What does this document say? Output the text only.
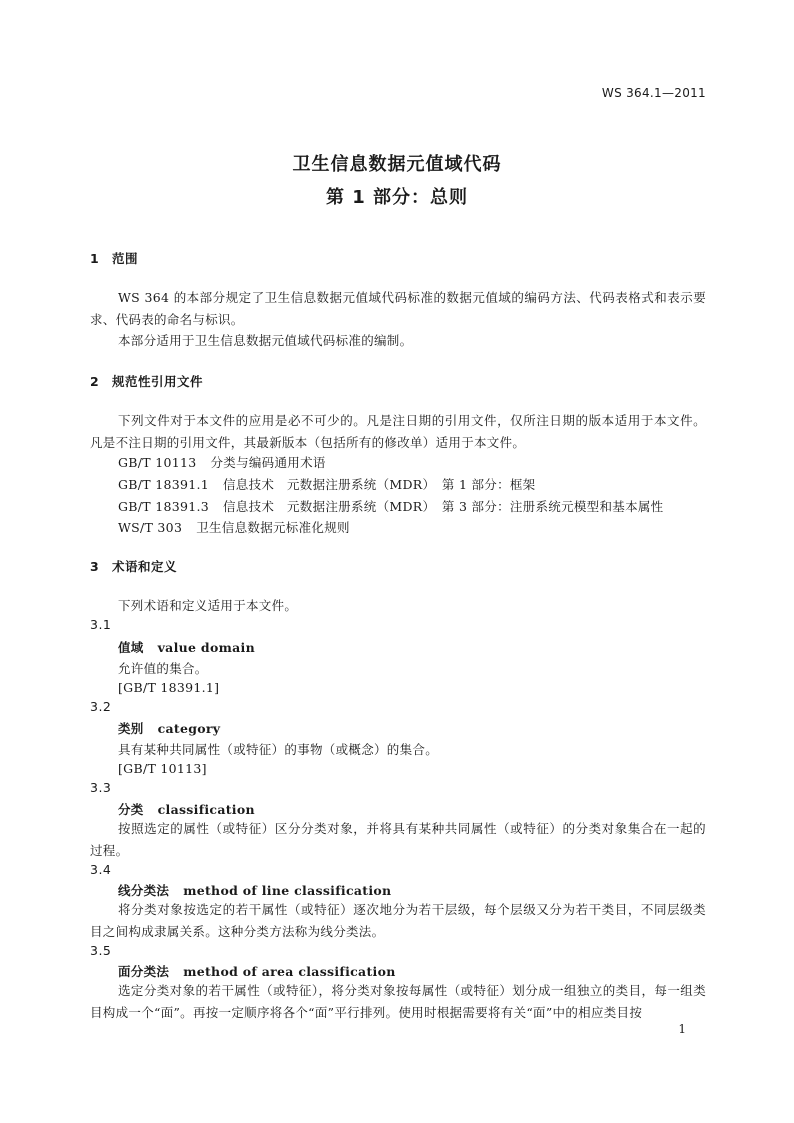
WS 364.1—2011
卫生信息数据元值域代码
第 1 部分：总则
1 范围
WS 364 的本部分规定了卫生信息数据元值域代码标准的数据元值域的编码方法、代码表格式和表示要求、代码表的命名与标识。
本部分适用于卫生信息数据元值域代码标准的编制。
2 规范性引用文件
下列文件对于本文件的应用是必不可少的。凡是注日期的引用文件，仅所注日期的版本适用于本文件。凡是不注日期的引用文件，其最新版本（包括所有的修改单）适用于本文件。
GB/T 10113 分类与编码通用术语
GB/T 18391.1 信息技术　元数据注册系统（MDR）　第 1 部分：框架
GB/T 18391.3 信息技术　元数据注册系统（MDR）　第 3 部分：注册系统元模型和基本属性
WS/T 303 卫生信息数据元标准化规则
3 术语和定义
下列术语和定义适用于本文件。
3.1
值域 value domain
允许值的集合。
[GB/T 18391.1]
3.2
类别 category
具有某种共同属性（或特征）的事物（或概念）的集合。
[GB/T 10113]
3.3
分类 classification
按照选定的属性（或特征）区分分类对象，并将具有某种共同属性（或特征）的分类对象集合在一起的过程。
3.4
线分类法 method of line classification
将分类对象按选定的若干属性（或特征）逐次地分为若干层级，每个层级又分为若干类目，不同层级类目之间构成隶属关系。这种分类方法称为线分类法。
3.5
面分类法 method of area classification
选定分类对象的若干属性（或特征），将分类对象按每属性（或特征）划分成一组独立的类目，每一组类目构成一个“面”。再按一定顺序将各个“面”平行排列。使用时根据需要将有关“面”中的相应类目按
1
